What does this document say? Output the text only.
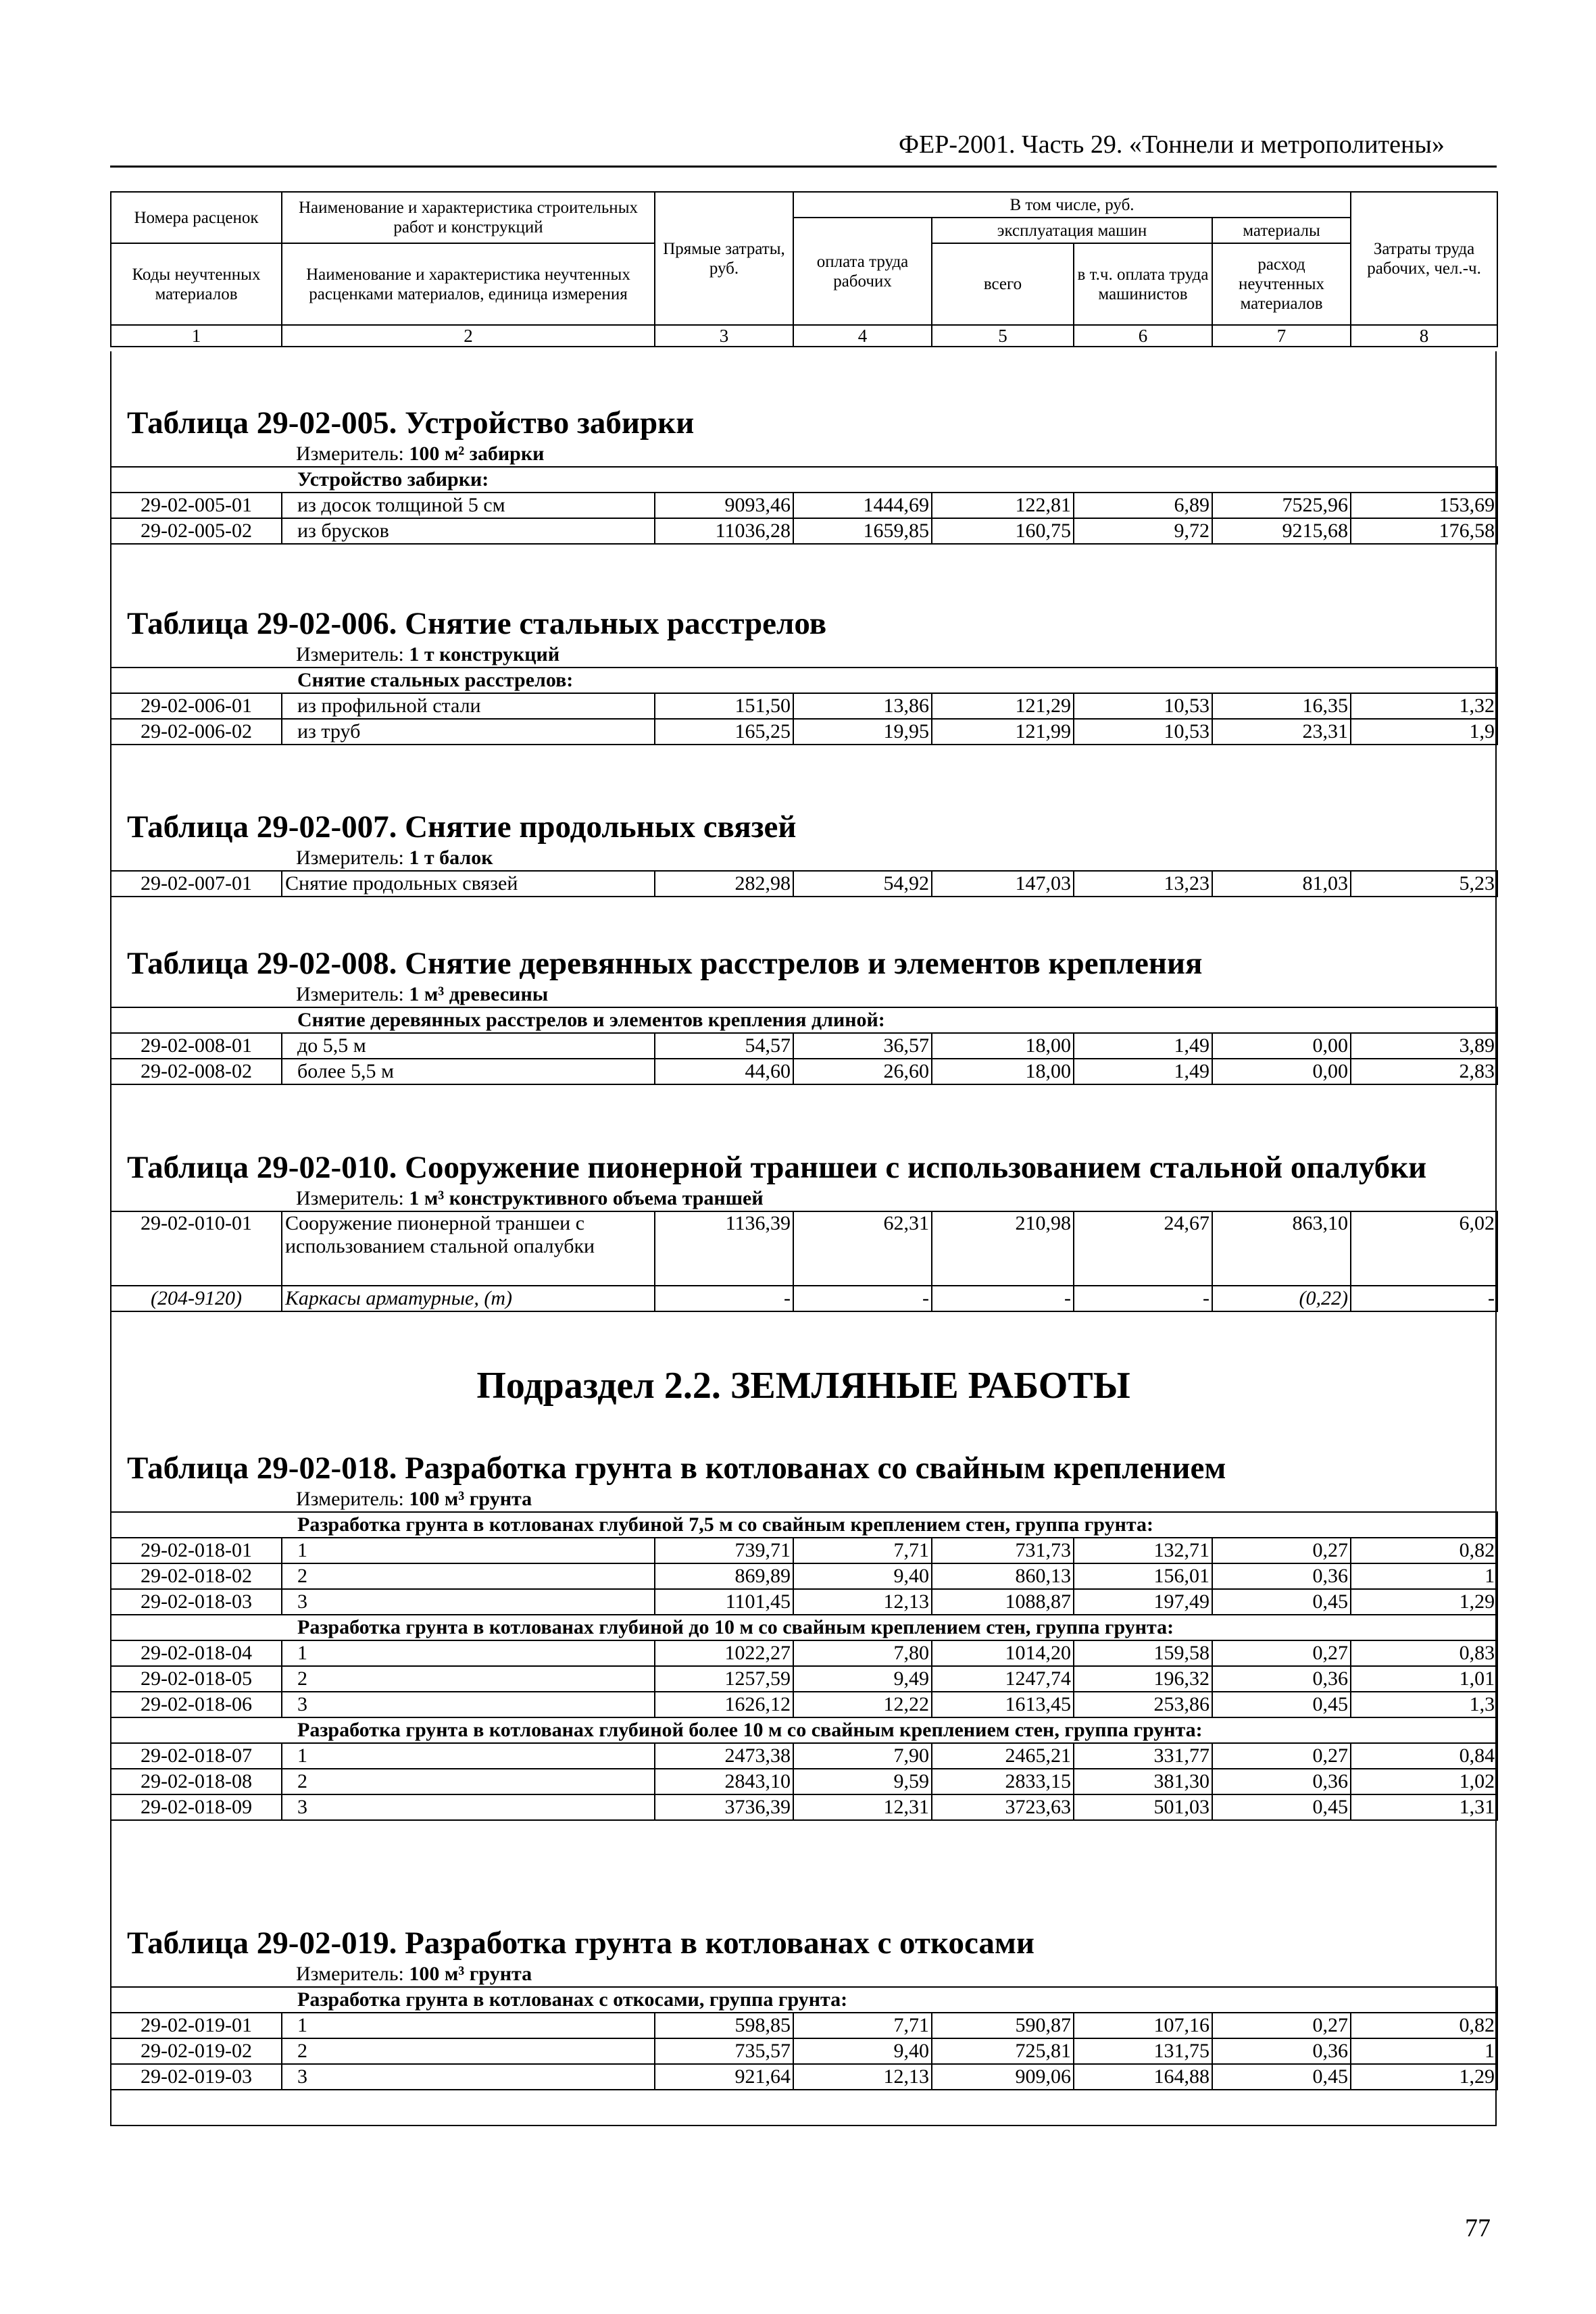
ФЕР-2001. Часть 29. «Тоннели и метрополитены»
Номера расценок	Наименование и характеристика строительных работ и конструкций	Прямые затраты, руб.	В том числе, руб.				Затраты труда рабочих, чел.-ч.
			оплата труда рабочих	эксплуатация машин		материалы	
Коды неучтенных материалов	Наименование и характеристика неучтенных расценками материалов, единица измерения			всего	в т.ч. оплата труда машинистов	расход неучтенных материалов	

1	2	3	4	5	6	7	8
Таблица 29-02-005. Устройство забирки
Измеритель: 100 м² забирки
Устройство забирки:							
29-02-005-01	из досок толщиной 5 см	9093,46	1444,69	122,81	6,89	7525,96	153,69
29-02-005-02	из брусков	11036,28	1659,85	160,75	9,72	9215,68	176,58
Таблица 29-02-006. Снятие стальных расстрелов
Измеритель: 1 т конструкций
Снятие стальных расстрелов:							
29-02-006-01	из профильной стали	151,50	13,86	121,29	10,53	16,35	1,32
29-02-006-02	из труб	165,25	19,95	121,99	10,53	23,31	1,9
Таблица 29-02-007. Снятие продольных связей
Измеритель: 1 т балок
29-02-007-01	Снятие продольных связей	282,98	54,92	147,03	13,23	81,03	5,23
Таблица 29-02-008. Снятие деревянных расстрелов и элементов крепления
Измеритель: 1 м³ древесины
Снятие деревянных расстрелов и элементов крепления длиной:							
29-02-008-01	до 5,5 м	54,57	36,57	18,00	1,49	0,00	3,89
29-02-008-02	более 5,5 м	44,60	26,60	18,00	1,49	0,00	2,83
Таблица 29-02-010. Сооружение пионерной траншеи с использованием стальной опалубки
Измеритель: 1 м³ конструктивного объема траншей
29-02-010-01	Сооружение пионерной траншеи с использованием стальной опалубки	1136,39	62,31	210,98	24,67	863,10	6,02
(204-9120)	Каркасы арматурные, (т)	-	-	-	-	(0,22)	-
Подраздел 2.2. ЗЕМЛЯНЫЕ РАБОТЫ
Таблица 29-02-018. Разработка грунта в котлованах со свайным креплением
Измеритель: 100 м³ грунта
Разработка грунта в котлованах глубиной 7,5 м со свайным креплением стен, группа грунта:							
29-02-018-01	1	739,71	7,71	731,73	132,71	0,27	0,82
29-02-018-02	2	869,89	9,40	860,13	156,01	0,36	1
29-02-018-03	3	1101,45	12,13	1088,87	197,49	0,45	1,29
Разработка грунта в котлованах глубиной до 10 м со свайным креплением стен, группа грунта:							
29-02-018-04	1	1022,27	7,80	1014,20	159,58	0,27	0,83
29-02-018-05	2	1257,59	9,49	1247,74	196,32	0,36	1,01
29-02-018-06	3	1626,12	12,22	1613,45	253,86	0,45	1,3
Разработка грунта в котлованах глубиной более 10 м со свайным креплением стен, группа грунта:							
29-02-018-07	1	2473,38	7,90	2465,21	331,77	0,27	0,84
29-02-018-08	2	2843,10	9,59	2833,15	381,30	0,36	1,02
29-02-018-09	3	3736,39	12,31	3723,63	501,03	0,45	1,31
Таблица 29-02-019. Разработка грунта в котлованах с откосами
Измеритель: 100 м³ грунта
Разработка грунта в котлованах с откосами, группа грунта:							
29-02-019-01	1	598,85	7,71	590,87	107,16	0,27	0,82
29-02-019-02	2	735,57	9,40	725,81	131,75	0,36	1
29-02-019-03	3	921,64	12,13	909,06	164,88	0,45	1,29
77
